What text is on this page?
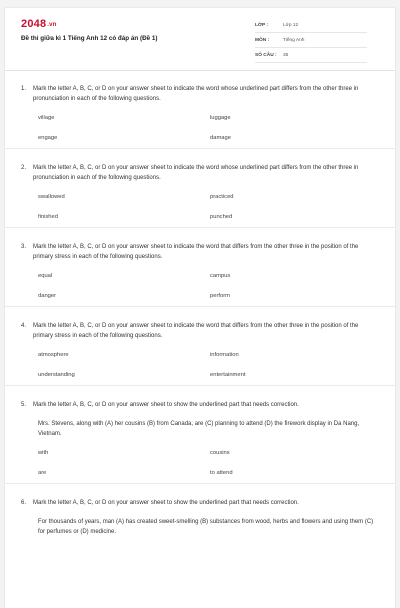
2048.vn
Đề thi giữa kì 1 Tiếng Anh 12 có đáp án (Đề 1)
LỚP :	Lớp 12
MÔN :	Tiếng Anh
SỐ CÂU :	35
1.	Mark the letter A, B, C, or D on your answer sheet to indicate the word whose underlined part differs from the other three in pronunciation in each of the following questions.
village	luggage
engage	damage
2.	Mark the letter A, B, C, or D on your answer sheet to indicate the word whose underlined part differs from the other three in pronunciation in each of the following questions.
swallowed	practiced
finished	punched
3.	Mark the letter A, B, C, or D on your answer sheet to indicate the word that differs from the other three in the position of the primary stress in each of the following questions.
equal	campus
danger	perform
4.	Mark the letter A, B, C, or D on your answer sheet to indicate the word that differs from the other three in the position of the primary stress in each of the following questions.
atmosphere	information
understanding	entertainment
5.	Mark the letter A, B, C, or D on your answer sheet to show the underlined part that needs correction.
Mrs. Stevens, along with (A) her cousins (B) from Canada, are (C) planning to attend (D) the firework display in Da Nang, Vietnam.
with	cousins
are	to attend
6.	Mark the letter A, B, C, or D on your answer sheet to show the underlined part that needs correction.
For thousands of years, man (A) has created sweet-smelling (B) substances from wood, herbs and flowers and using them (C) for perfumes or (D) medicine.
